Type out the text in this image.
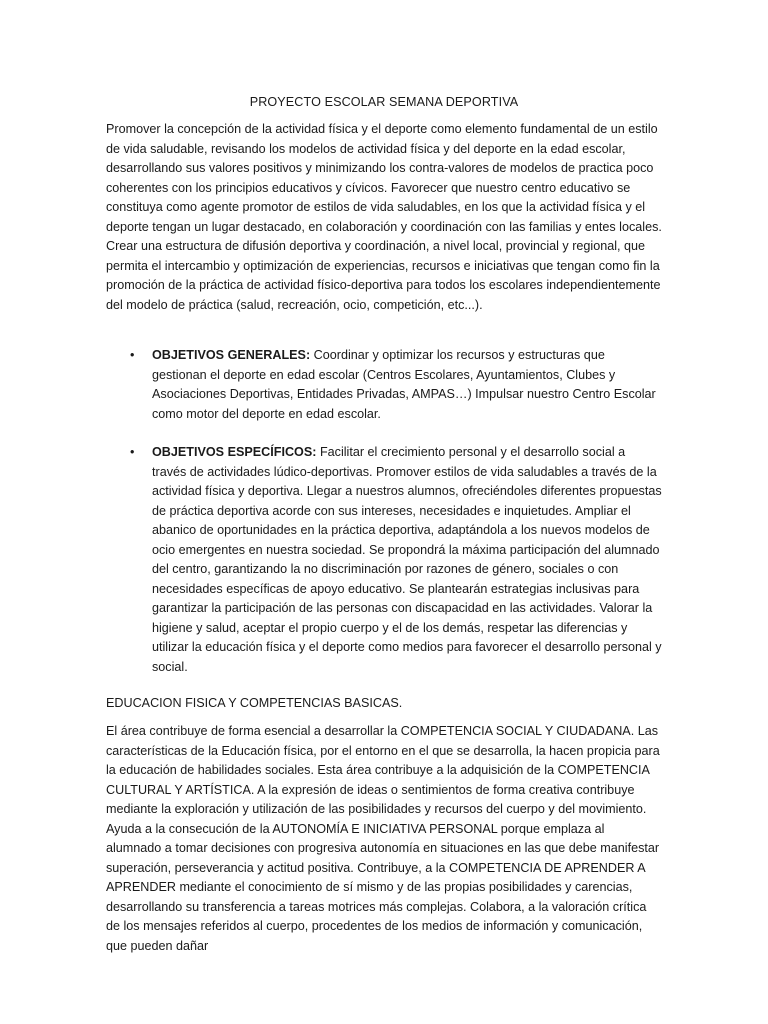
PROYECTO ESCOLAR SEMANA DEPORTIVA

Promover la concepción de la actividad física y el deporte como elemento fundamental de un estilo de vida saludable, revisando los modelos de actividad física y del deporte en la edad escolar, desarrollando sus valores positivos y minimizando los contra-valores de modelos de practica poco coherentes con los principios educativos y cívicos. Favorecer que nuestro centro educativo se constituya como agente promotor de estilos de vida saludables, en los que la actividad física y el deporte tengan un lugar destacado, en colaboración y coordinación con las familias y entes locales. Crear una estructura de difusión deportiva y coordinación, a nivel local, provincial y regional, que permita el intercambio y optimización de experiencias, recursos e iniciativas que tengan como fin la promoción de la práctica de actividad físico-deportiva para todos los escolares independientemente del modelo de práctica (salud, recreación, ocio, competición, etc...).

• OBJETIVOS GENERALES: Coordinar y optimizar los recursos y estructuras que gestionan el deporte en edad escolar (Centros Escolares, Ayuntamientos, Clubes y Asociaciones Deportivas, Entidades Privadas, AMPAS…) Impulsar nuestro Centro Escolar como motor del deporte en edad escolar.
• OBJETIVOS ESPECÍFICOS: Facilitar el crecimiento personal y el desarrollo social a través de actividades lúdico-deportivas. Promover estilos de vida saludables a través de la actividad física y deportiva. Llegar a nuestros alumnos, ofreciéndoles diferentes propuestas de práctica deportiva acorde con sus intereses, necesidades e inquietudes. Ampliar el abanico de oportunidades en la práctica deportiva, adaptándola a los nuevos modelos de ocio emergentes en nuestra sociedad. Se propondrá la máxima participación del alumnado del centro, garantizando la no discriminación por razones de género, sociales o con necesidades específicas de apoyo educativo. Se plantearán estrategias inclusivas para garantizar la participación de las personas con discapacidad en las actividades. Valorar la higiene y salud, aceptar el propio cuerpo y el de los demás, respetar las diferencias y utilizar la educación física y el deporte como medios para favorecer el desarrollo personal y social.
EDUCACION FISICA Y COMPETENCIAS BASICAS.

El área contribuye de forma esencial a desarrollar la COMPETENCIA SOCIAL Y CIUDADANA. Las características de la Educación física, por el entorno en el que se desarrolla, la hacen propicia para la educación de habilidades sociales. Esta área contribuye a la adquisición de la COMPETENCIA CULTURAL Y ARTÍSTICA. A la expresión de ideas o sentimientos de forma creativa contribuye mediante la exploración y utilización de las posibilidades y recursos del cuerpo y del movimiento. Ayuda a la consecución de la AUTONOMÍA E INICIATIVA PERSONAL porque emplaza al alumnado a tomar decisiones con progresiva autonomía en situaciones en las que debe manifestar superación, perseverancia y actitud positiva. Contribuye, a la COMPETENCIA DE APRENDER A APRENDER mediante el conocimiento de sí mismo y de las propias posibilidades y carencias, desarrollando su transferencia a tareas motrices más complejas. Colabora, a la valoración crítica de los mensajes referidos al cuerpo, procedentes de los medios de información y comunicación, que pueden dañar
